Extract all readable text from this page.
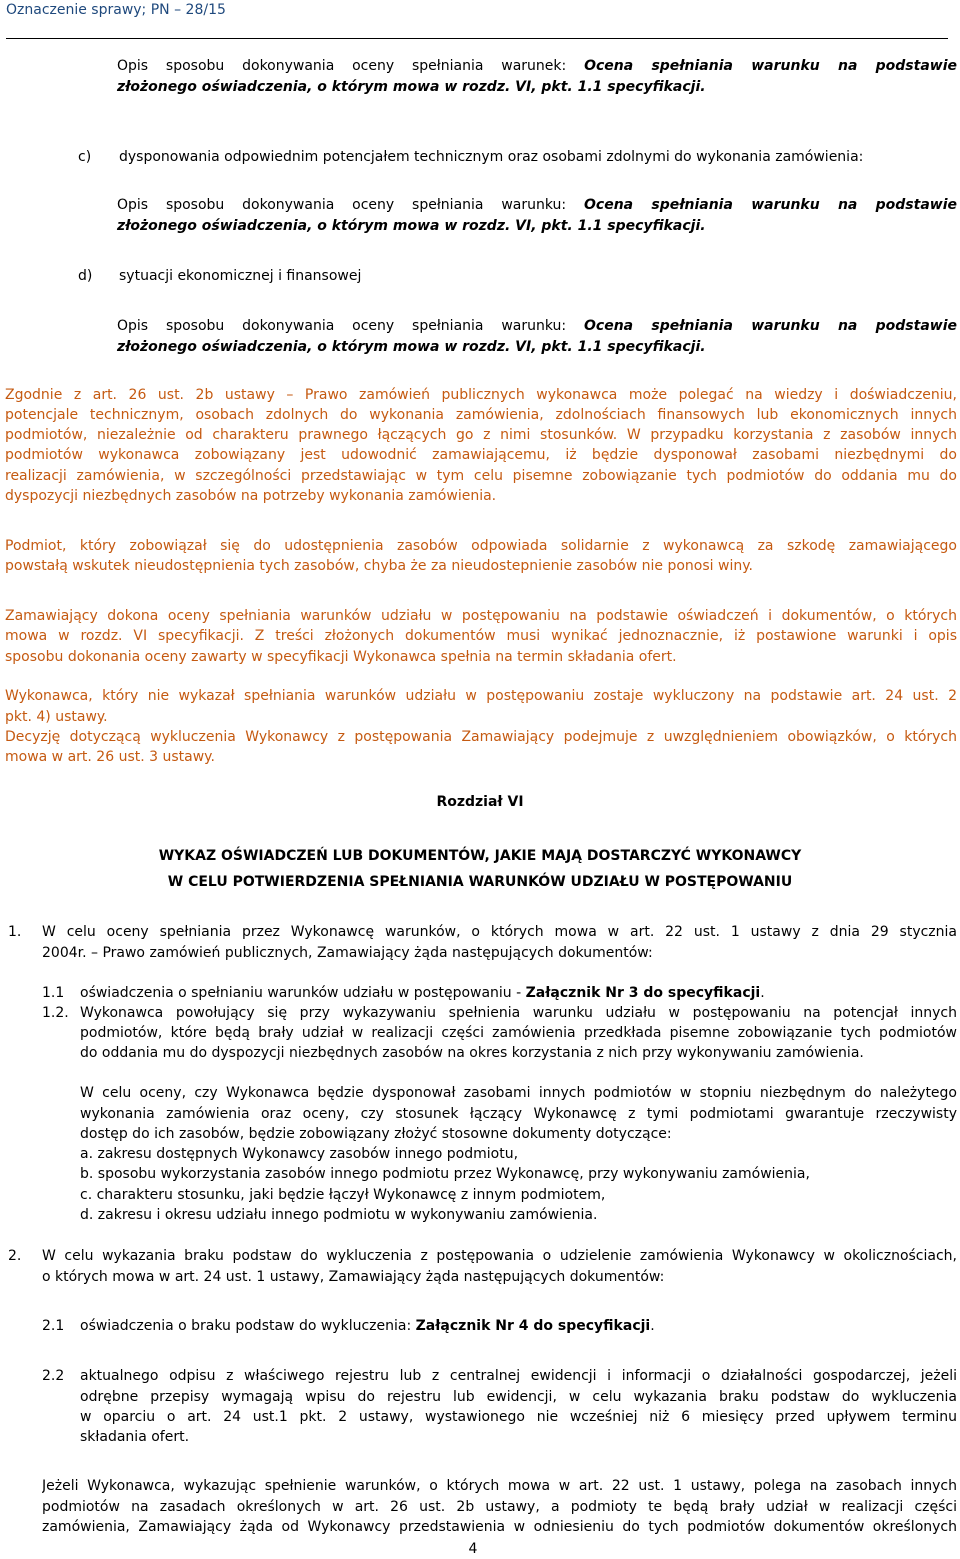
Oznaczenie sprawy; PN – 28/15
Opis sposobu dokonywania oceny spełniania warunek: Ocena spełniania warunku na podstawie
złożonego oświadczenia, o którym mowa w rozdz. VI, pkt. 1.1 specyfikacji.
c) dysponowania odpowiednim potencjałem technicznym oraz osobami zdolnymi do wykonania zamówienia:
Opis sposobu dokonywania oceny spełniania warunku: Ocena spełniania warunku na podstawie
złożonego oświadczenia, o którym mowa w rozdz. VI, pkt. 1.1 specyfikacji.
d) sytuacji ekonomicznej i finansowej
Opis sposobu dokonywania oceny spełniania warunku: Ocena spełniania warunku na podstawie
złożonego oświadczenia, o którym mowa w rozdz. VI, pkt. 1.1 specyfikacji.
Zgodnie z art. 26 ust. 2b ustawy – Prawo zamówień publicznych wykonawca może polegać na wiedzy i doświadczeniu,
potencjale technicznym, osobach zdolnych do wykonania zamówienia, zdolnościach finansowych lub ekonomicznych innych
podmiotów, niezależnie od charakteru prawnego łączących go z nimi stosunków. W przypadku korzystania z zasobów innych
podmiotów wykonawca zobowiązany jest udowodnić zamawiającemu, iż będzie dysponował zasobami niezbędnymi do
realizacji zamówienia, w szczególności przedstawiając w tym celu pisemne zobowiązanie tych podmiotów do oddania mu do
dyspozycji niezbędnych zasobów na potrzeby wykonania zamówienia.
Podmiot, który zobowiązał się do udostępnienia zasobów odpowiada solidarnie z wykonawcą za szkodę zamawiającego
powstałą wskutek nieudostępnienia tych zasobów, chyba że za nieudostepnienie zasobów nie ponosi winy.
Zamawiający dokona oceny spełniania warunków udziału w postępowaniu na podstawie oświadczeń i dokumentów, o których
mowa w rozdz. VI specyfikacji. Z treści złożonych dokumentów musi wynikać jednoznacznie, iż postawione warunki i opis
sposobu dokonania oceny zawarty w specyfikacji Wykonawca spełnia na termin składania ofert.
Wykonawca, który nie wykazał spełniania warunków udziału w postępowaniu zostaje wykluczony na podstawie art. 24 ust. 2
pkt. 4) ustawy.
Decyzję dotyczącą wykluczenia Wykonawcy z postępowania Zamawiający podejmuje z uwzględnieniem obowiązków, o których
mowa w art. 26 ust. 3 ustawy.
Rozdział VI
WYKAZ OŚWIADCZEŃ LUB DOKUMENTÓW, JAKIE MAJĄ DOSTARCZYĆ WYKONAWCY
W CELU POTWIERDZENIA SPEŁNIANIA WARUNKÓW UDZIAŁU W POSTĘPOWANIU
1. W celu oceny spełniania przez Wykonawcę warunków, o których mowa w art. 22 ust. 1 ustawy z dnia 29 stycznia
2004r. – Prawo zamówień publicznych, Zamawiający żąda następujących dokumentów:
1.1 oświadczenia o spełnianiu warunków udziału w postępowaniu - Załącznik Nr 3 do specyfikacji.
1.2. Wykonawca powołujący się przy wykazywaniu spełnienia warunku udziału w postępowaniu na potencjał innych
podmiotów, które będą brały udział w realizacji części zamówienia przedkłada pisemne zobowiązanie tych podmiotów
do oddania mu do dyspozycji niezbędnych zasobów na okres korzystania z nich przy wykonywaniu zamówienia.
W celu oceny, czy Wykonawca będzie dysponował zasobami innych podmiotów w stopniu niezbędnym do należytego
wykonania zamówienia oraz oceny, czy stosunek łączący Wykonawcę z tymi podmiotami gwarantuje rzeczywisty
dostęp do ich zasobów, będzie zobowiązany złożyć stosowne dokumenty dotyczące:
a. zakresu dostępnych Wykonawcy zasobów innego podmiotu,
b. sposobu wykorzystania zasobów innego podmiotu przez Wykonawcę, przy wykonywaniu zamówienia,
c. charakteru stosunku, jaki będzie łączył Wykonawcę z innym podmiotem,
d. zakresu i okresu udziału innego podmiotu w wykonywaniu zamówienia.
2. W celu wykazania braku podstaw do wykluczenia z postępowania o udzielenie zamówienia Wykonawcy w okolicznościach,
o których mowa w art. 24 ust. 1 ustawy, Zamawiający żąda następujących dokumentów:
2.1 oświadczenia o braku podstaw do wykluczenia: Załącznik Nr 4 do specyfikacji.
2.2 aktualnego odpisu z właściwego rejestru lub z centralnej ewidencji i informacji o działalności gospodarczej, jeżeli
odrębne przepisy wymagają wpisu do rejestru lub ewidencji, w celu wykazania braku podstaw do wykluczenia
w oparciu o art. 24 ust.1 pkt. 2 ustawy, wystawionego nie wcześniej niż 6 miesięcy przed upływem terminu
składania ofert.
Jeżeli Wykonawca, wykazując spełnienie warunków, o których mowa w art. 22 ust. 1 ustawy, polega na zasobach innych
podmiotów na zasadach określonych w art. 26 ust. 2b ustawy, a podmioty te będą brały udział w realizacji części
zamówienia, Zamawiający żąda od Wykonawcy przedstawienia w odniesieniu do tych podmiotów dokumentów określonych
4
